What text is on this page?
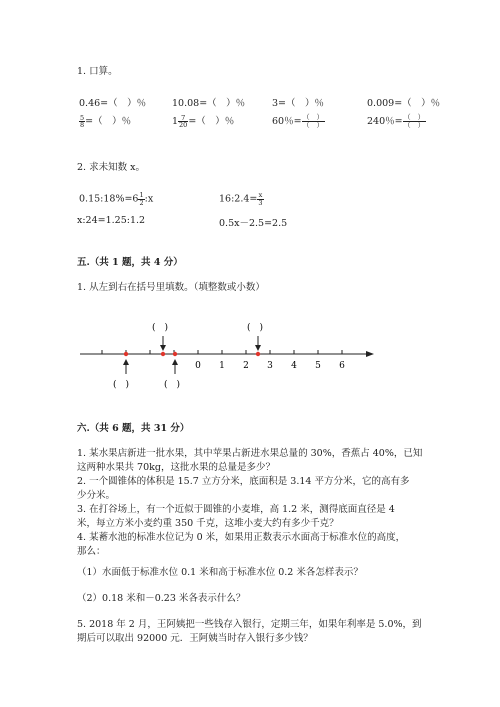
1. 口算。
0.46=（　）％	10.08=（　）％	3=（　）％	0.009=（　）％
$\frac{5}{8}$ =（　）％	$1 \frac{7}{20}$ =（　）％	60％= $\frac{( )}{( )}$	240％= $\frac{( )}{( )}$
2. 求未知数 x。
0.15:18%=6 $\frac{1}{2}$ :x	16:2.4= $\frac{x}{3}$
x:24=1.25:1.2	0.5x－2.5=2.5
五.（共 1 题，共 4 分）
1. 从左到右在括号里填数。（填整数或小数）
0 1 2 3 4 5 6
(　)	(　)
(　)	(　)
六.（共 6 题，共 31 分）
1. 某水果店新进一批水果，其中苹果占新进水果总量的 30%，香蕉占 40%，已知
这两种水果共 70kg，这批水果的总量是多少？
2. 一个圆锥体的体积是 15.7 立方分米，底面积是 3.14 平方分米，它的高有多
少分米。
3. 在打谷场上，有一个近似于圆锥的小麦堆，高 1.2 米，测得底面直径是 4
米，每立方米小麦约重 350 千克，这堆小麦大约有多少千克？
4. 某蓄水池的标准水位记为 0 米，如果用正数表示水面高于标准水位的高度，
那么：
（1）水面低于标准水位 0.1 米和高于标准水位 0.2 米各怎样表示？
（2）0.18 米和－0.23 米各表示什么？
5. 2018 年 2 月，王阿姨把一些钱存入银行，定期三年，如果年利率是 5.0%，到
期后可以取出 92000 元．王阿姨当时存入银行多少钱？
